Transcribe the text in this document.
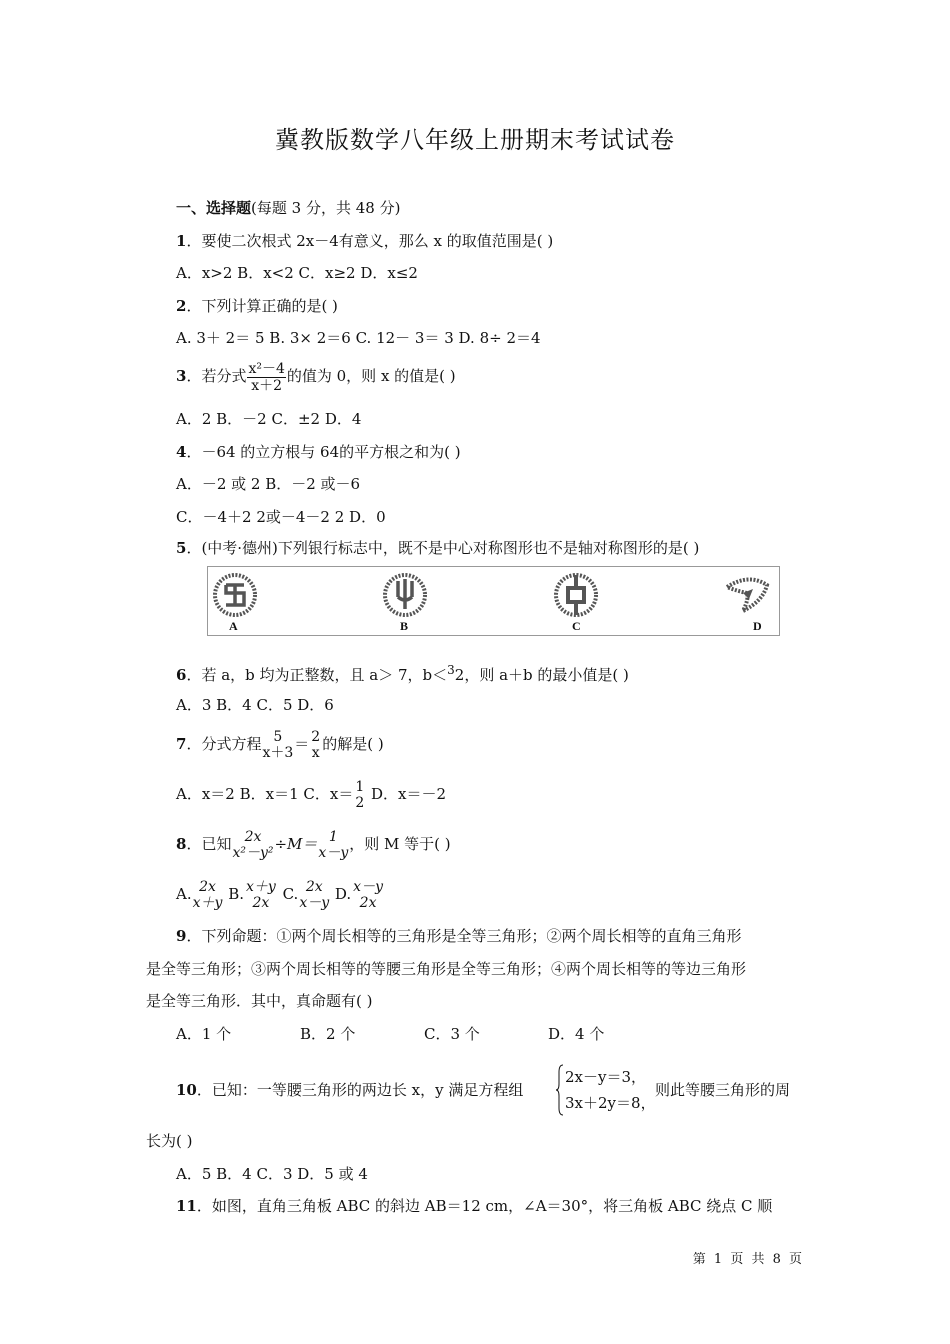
冀教版数学八年级上册期末考试试卷
一、选择题(每题 3 分，共 48 分)
1．要使二次根式 2x－4有意义，那么 x 的取值范围是( )
A．x>2 B．x<2 C．x≥2 D．x≤2
2．下列计算正确的是( )
A. 3＋ 2＝ 5 B. 3× 2＝6 C. 12－ 3＝ 3 D. 8÷ 2＝4
3．若分式 $\frac{\text{x²－4}}{x+2}$ 的值为 0，则 x 的值是( )
A．2 B．－2 C．±2 D．4
4．－64 的立方根与 64的平方根之和为( )
A．－2 或 2 B．－2 或－6
C．－4＋2 2或－4－2 2 D．0
5．(中考·德州)下列银行标志中，既不是中心对称图形也不是轴对称图形的是( )
A	B	C	D
6．若 a，b 均为正整数，且 a＞ 7，b＜$^3$2，则 a＋b 的最小值是( )
A．3 B．4 C．5 D．6
7．分式方程 5
x＋3 ＝ 2
x 的解是( )
A．x＝2 B．x＝1 C．x＝ 1
2 D．x＝－2
8．已知 2x
x²－y² ÷M＝ 1
x－y ，则 M 等于( )
A. 2x
x＋y B. x＋y
2x C. 2x
x－y D. x－y
2x
9．下列命题：①两个周长相等的三角形是全等三角形；②两个周长相等的直角三角形
是全等三角形；③两个周长相等的等腰三角形是全等三角形；④两个周长相等的等边三角形
是全等三角形．其中，真命题有( )
A．1 个	B．2 个	C．3 个	D．4 个
10．已知：一等腰三角形的两边长 x，y 满足方程组
2x－y＝3，
3x＋2y＝8，
则此等腰三角形的周
长为( )
A．5 B．4 C．3 D．5 或 4
11．如图，直角三角板 ABC 的斜边 AB＝12 cm，∠A＝30°，将三角板 ABC 绕点 C 顺
第 1 页 共 8 页
